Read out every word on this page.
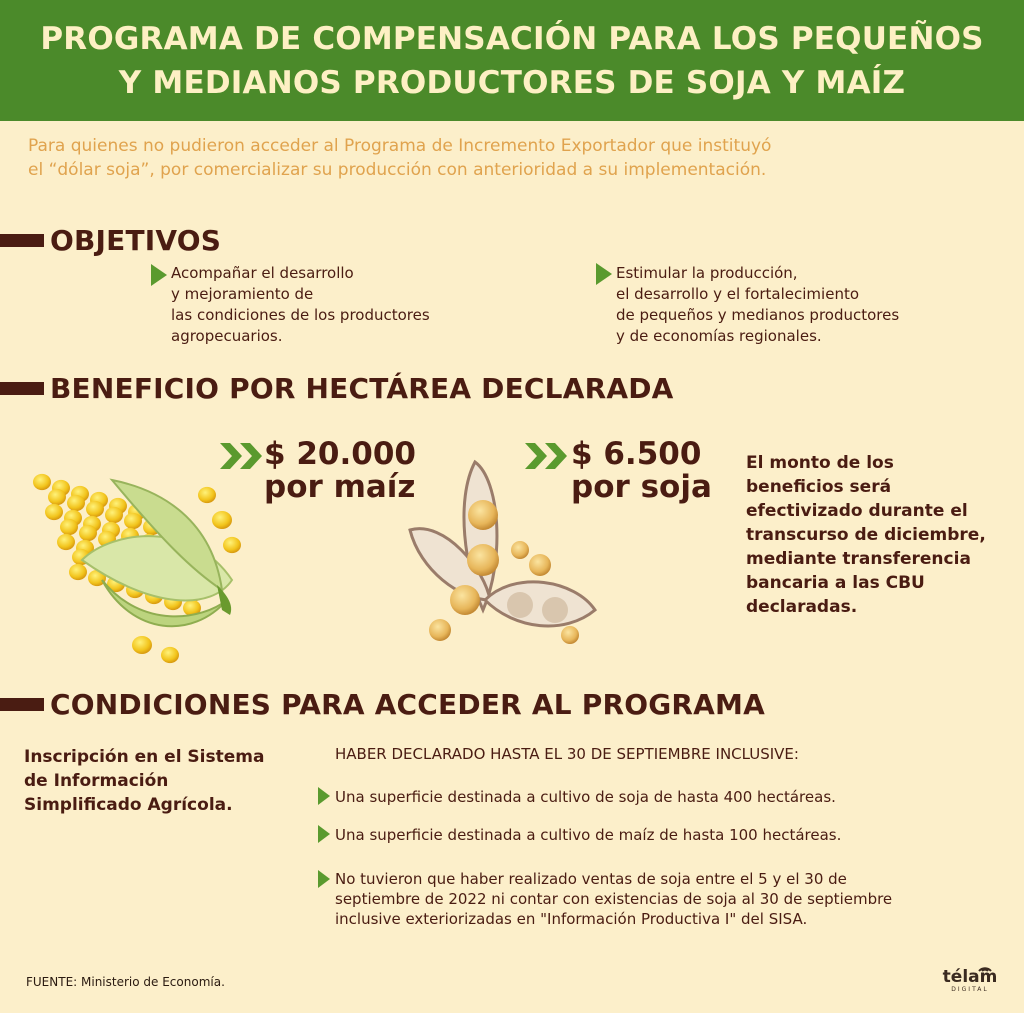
PROGRAMA DE COMPENSACIÓN PARA LOS PEQUEÑOS
Y MEDIANOS PRODUCTORES DE SOJA Y MAÍZ
Para quienes no pudieron acceder al Programa de Incremento Exportador que instituyó
el “dólar soja”, por comercializar su producción con anterioridad a su implementación.
OBJETIVOS
Acompañar el desarrollo
y mejoramiento de
las condiciones de los productores
agropecuarios.
Estimular la producción,
el desarrollo y el fortalecimiento
de pequeños y medianos productores
y de economías regionales.
BENEFICIO POR HECTÁREA DECLARADA
$ 20.000
por maíz
$ 6.500
por soja
El monto de los
beneficios será
efectivizado durante el
transcurso de diciembre,
mediante transferencia
bancaria a las CBU
declaradas.
CONDICIONES PARA ACCEDER AL PROGRAMA
Inscripción en el Sistema
de Información
Simplificado Agrícola.
HABER DECLARADO HASTA EL 30 DE SEPTIEMBRE INCLUSIVE:
Una superficie destinada a cultivo de soja de hasta 400 hectáreas.
Una superficie destinada a cultivo de maíz de hasta 100 hectáreas.
No tuvieron que haber realizado ventas de soja entre el 5 y el 30 de
septiembre de 2022 ni contar con existencias de soja al 30 de septiembre
inclusive exteriorizadas en "Información Productiva I" del SISA.
FUENTE: Ministerio de Economía.	télam
DIGITAL
